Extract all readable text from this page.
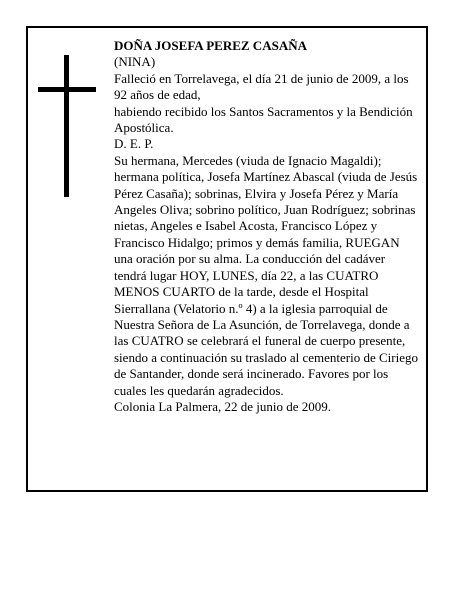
DOÑA JOSEFA PEREZ CASAÑA

(NINA)

Falleció en Torrelavega, el día 21 de junio de 2009, a los 92 años de edad,

habiendo recibido los Santos Sacramentos y la Bendición Apostólica.

D. E. P.

Su hermana, Mercedes (viuda de Ignacio Magaldi); hermana política, Josefa Martínez Abascal (viuda de Jesús Pérez Casaña); sobrinas, Elvira y Josefa Pérez y María Angeles Oliva; sobrino político, Juan Rodríguez; sobrinas nietas, Angeles e Isabel Acosta, Francisco López y Francisco Hidalgo; primos y demás familia, RUEGAN una oración por su alma. La conducción del cadáver tendrá lugar HOY, LUNES, día 22, a las CUATRO MENOS CUARTO de la tarde, desde el Hospital Sierrallana (Velatorio n.º 4) a la iglesia parroquial de Nuestra Señora de La Asunción, de Torrelavega, donde a las CUATRO se celebrará el funeral de cuerpo presente, siendo a continuación su traslado al cementerio de Ciriego de Santander, donde será incinerado. Favores por los cuales les quedarán agradecidos.

Colonia La Palmera, 22 de junio de 2009.
